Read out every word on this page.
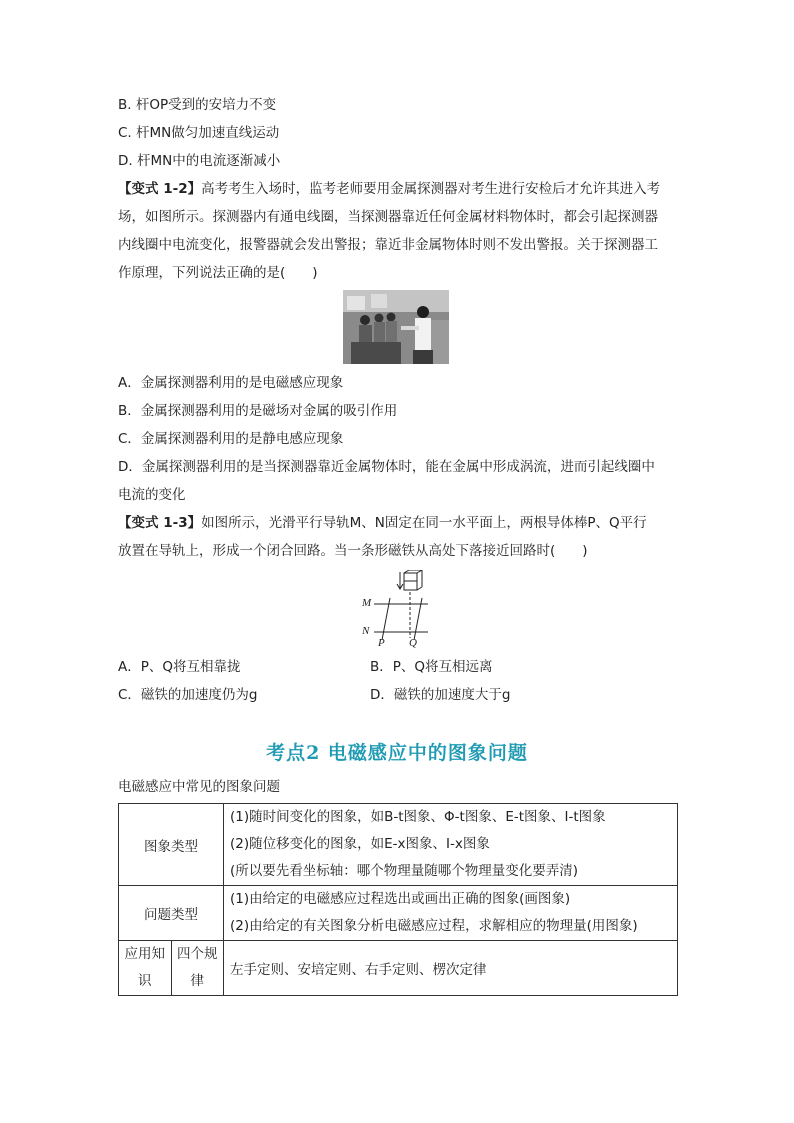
B. 杆OP受到的安培力不变
C. 杆MN做匀加速直线运动
D. 杆MN中的电流逐渐减小
【变式 1-2】高考考生入场时，监考老师要用金属探测器对考生进行安检后才允许其进入考
场，如图所示。探测器内有通电线圈，当探测器靠近任何金属材料物体时，都会引起探测器
内线圈中电流变化，报警器就会发出警报；靠近非金属物体时则不发出警报。关于探测器工
作原理，下列说法正确的是(　　)
A．金属探测器利用的是电磁感应现象
B．金属探测器利用的是磁场对金属的吸引作用
C．金属探测器利用的是静电感应现象
D．金属探测器利用的是当探测器靠近金属物体时，能在金属中形成涡流，进而引起线圈中
电流的变化
【变式 1-3】如图所示，光滑平行导轨M、N固定在同一水平面上，两根导体棒P、Q平行
放置在导轨上，形成一个闭合回路。当一条形磁铁从高处下落接近回路时(　　)
M
N
P Q
A．P、Q将互相靠拢	B．P、Q将互相远离
C．磁铁的加速度仍为g	D．磁铁的加速度大于g
考点2 电磁感应中的图象问题
电磁感应中常见的图象问题
图象类型		(1)随时间变化的图象，如B-t图象、Φ-t图象、E-t图象、I-t图象
(2)随位移变化的图象，如E-x图象、I-x图象
(所以要先看坐标轴：哪个物理量随哪个物理量变化要弄清)

问题类型		(1)由给定的电磁感应过程选出或画出正确的图象(画图象)
(2)由给定的有关图象分析电磁感应过程，求解相应的物理量(用图象)

应用知识	四个规律	左手定则、安培定则、右手定则、楞次定律
